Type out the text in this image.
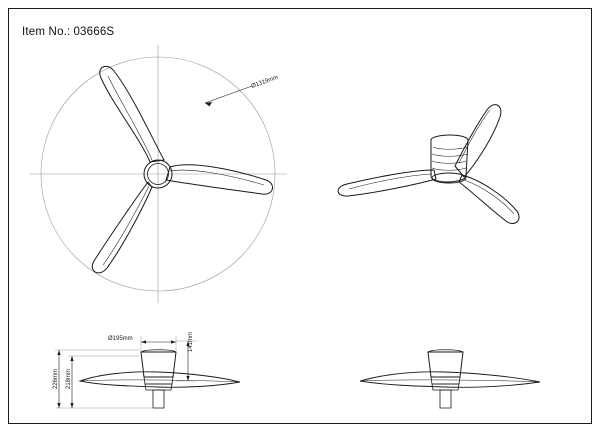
Item No.: 03666S
Ø1319mm
Ø195mm	141mm
226mm 218mm
